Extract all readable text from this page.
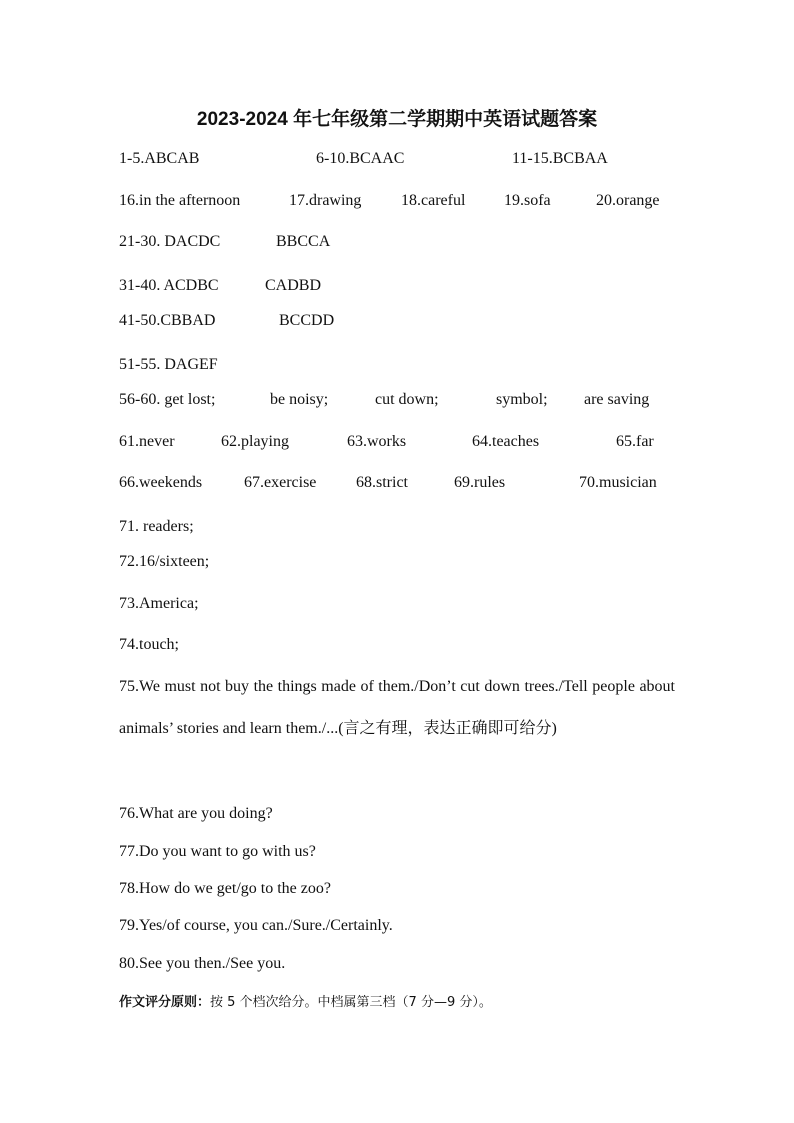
2023-2024 年七年级第二学期期中英语试题答案
1-5.ABCAB	6-10.BCAAC	11-15.BCBAA
16.in the afternoon	17.drawing 18.careful 19.sofa	20.orange
21-30. DACDC	BBCCA
31-40. ACDBC	CADBD
41-50.CBBAD	BCCDD
51-55. DAGEF
56-60. get lost;	be noisy;	cut down;	symbol; are saving
61.never	62.playing	63.works	64.teaches	65.far
66.weekends	67.exercise 68.strict	69.rules	70.musician
71. readers;
72.16/sixteen;
73.America;
74.touch;
75.We must not buy the things made of them./Don’t cut down trees./Tell people about animals’ stories and learn them./...(言之有理，表达正确即可给分)
76.What are you doing?
77.Do you want to go with us?
78.How do we get/go to the zoo?
79.Yes/of course, you can./Sure./Certainly.
80.See you then./See you.
作文评分原则：按 5 个档次给分。中档属第三档（7 分—9 分）。
